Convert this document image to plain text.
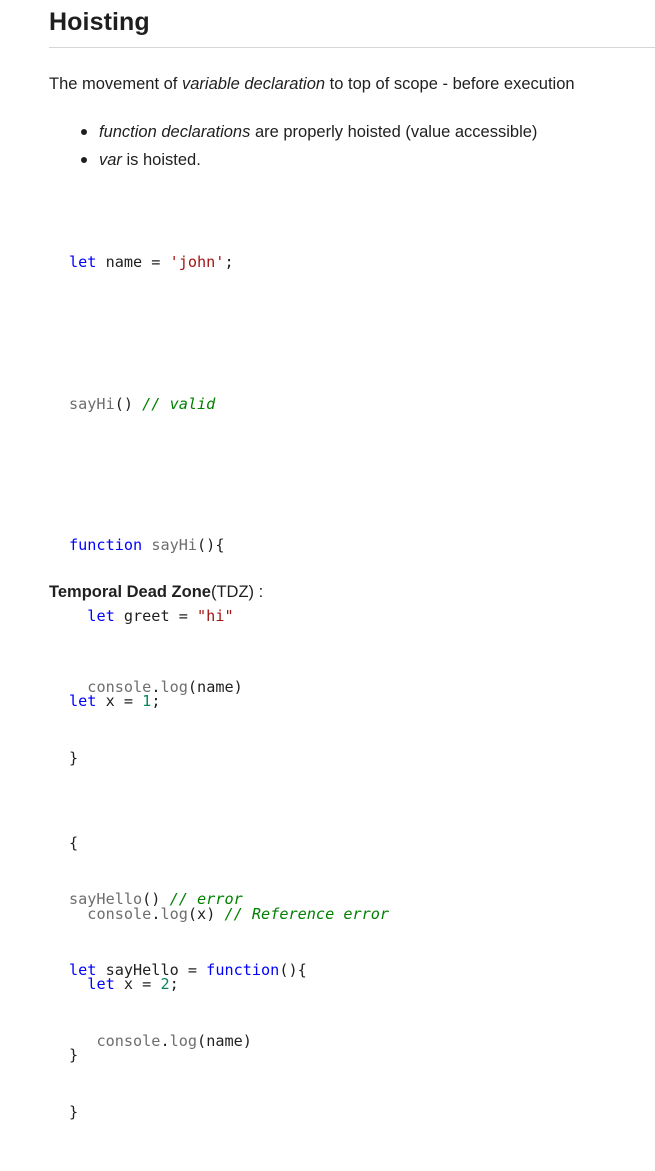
Hoisting

The movement of variable declaration to top of scope - before execution

function declarations are properly hoisted (value accessible)
var is hoisted.

let name = 'john';

sayHi() // valid

function sayHi(){

let greet = "hi"

console.log(name)

}

sayHello() // error

let sayHello = function(){

console.log(name)

}

Temporal Dead Zone(TDZ) :

let x = 1;

{

console.log(x) // Reference error

let x = 2;

}
